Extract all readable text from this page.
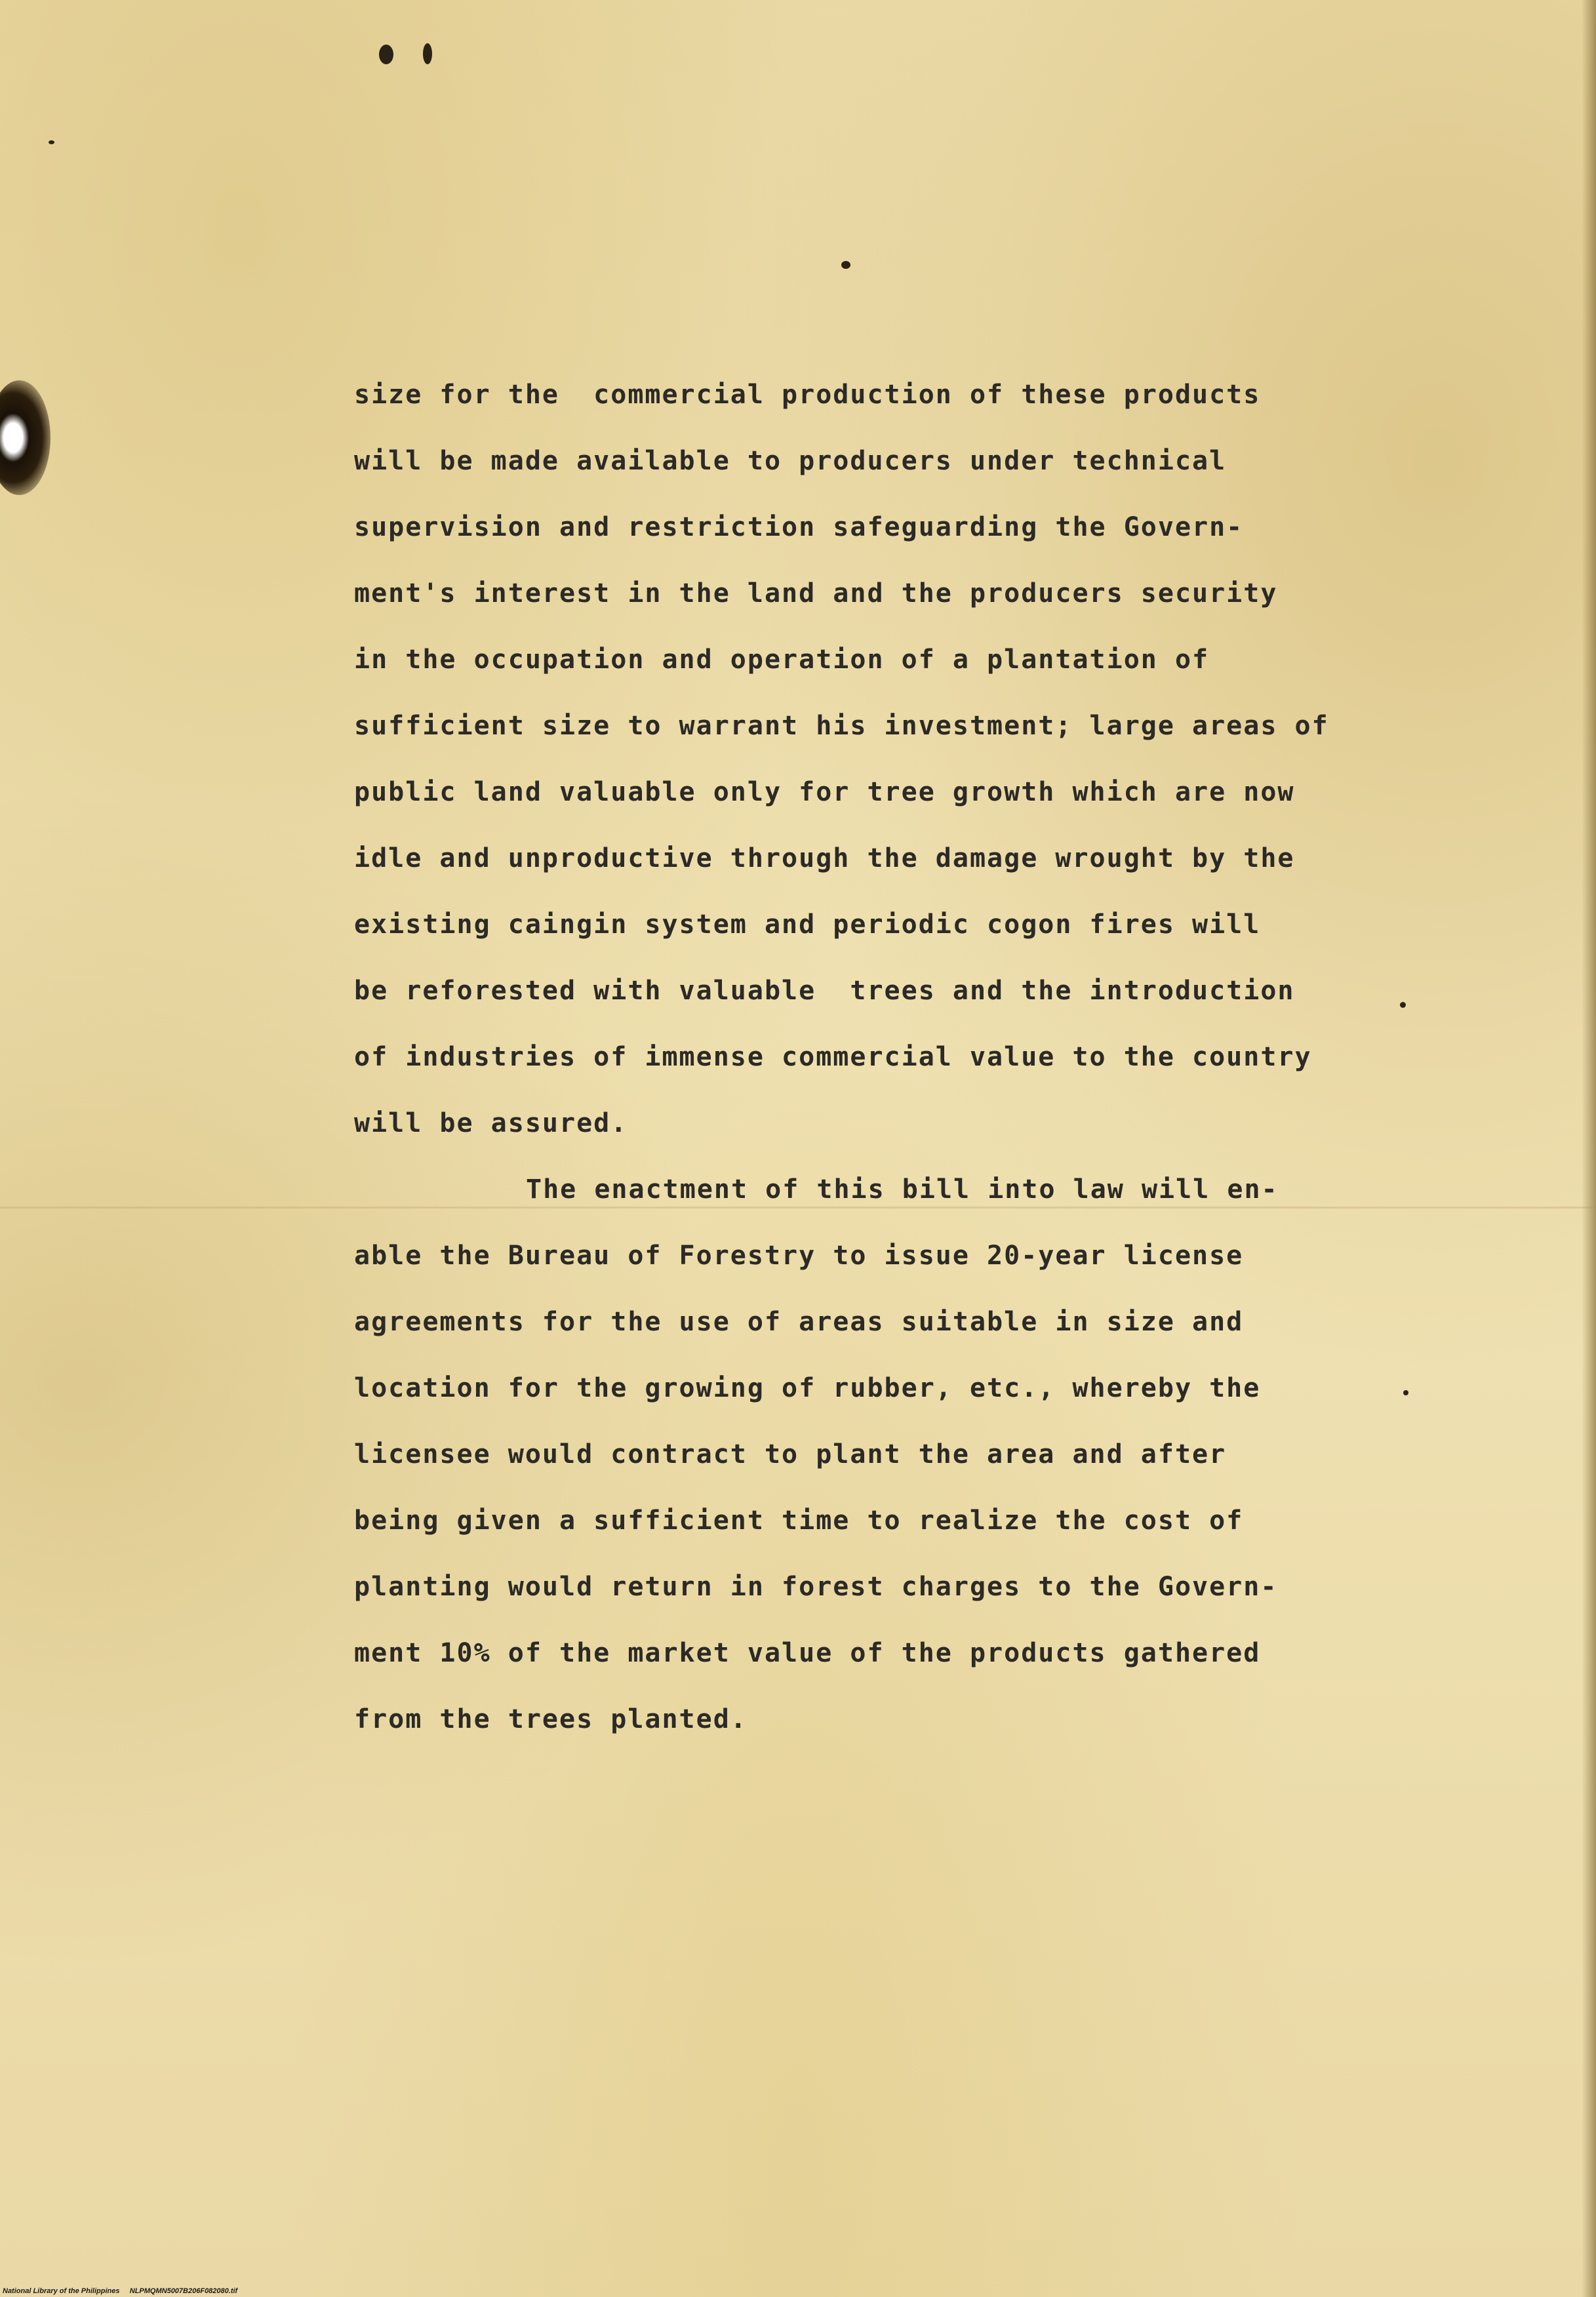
size for the  commercial production of these products
will be made available to producers under technical
supervision and restriction safeguarding the Govern-
ment's interest in the land and the producers security
in the occupation and operation of a plantation of
sufficient size to warrant his investment; large areas of
public land valuable only for tree growth which are now
idle and unproductive through the damage wrought by the
existing caingin system and periodic cogon fires will
be reforested with valuable  trees and the introduction
of industries of immense commercial value to the country
will be assured.
The enactment of this bill into law will en-
able the Bureau of Forestry to issue 20-year license
agreements for the use of areas suitable in size and
location for the growing of rubber, etc., whereby the
licensee would contract to plant the area and after
being given a sufficient time to realize the cost of
planting would return in forest charges to the Govern-
ment 10% of the market value of the products gathered
from the trees planted.
National Library of the Philippines NLPMQMN5007B206F082080.tif
